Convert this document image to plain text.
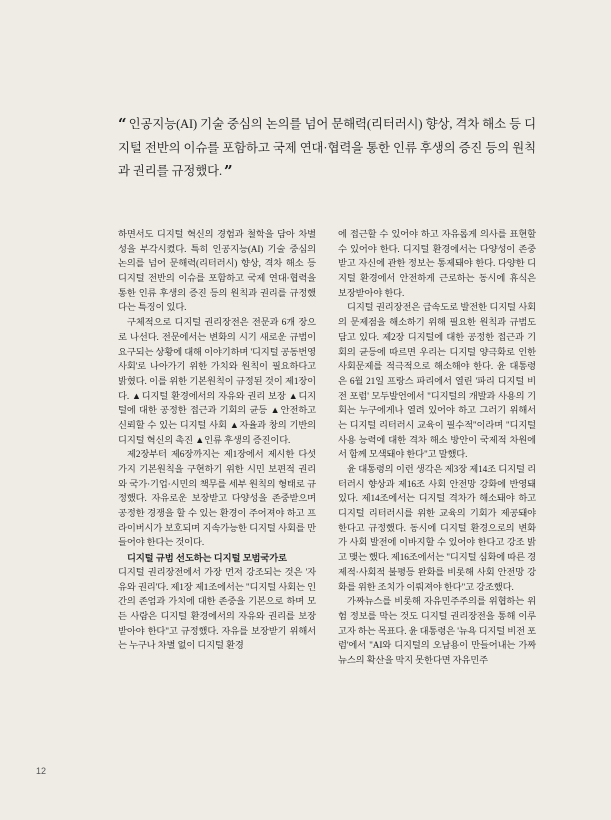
“ 인공지능(AI) 기술 중심의 논의를 넘어 문해력(리터러시) 향상, 격차 해소 등 디지털 전반의 이슈를 포함하고 국제 연대·협력을 통한 인류 후생의 증진 등의 원칙과 권리를 규정했다. ”

하면서도 디지털 혁신의 경험과 철학을 담아 차별성을 부각시켰다. 특히 인공지능(AI) 기술 중심의 논의를 넘어 문해력(리터러시) 향상, 격차 해소 등 디지털 전반의 이슈를 포함하고 국제 연대·협력을 통한 인류 후생의 증진 등의 원칙과 권리를 규정했다는 특징이 있다.

구체적으로 디지털 권리장전은 전문과 6개 장으로 나선다. 전문에서는 변화의 시기 새로운 규범이 요구되는 상황에 대해 이야기하며 '디지털 공동번영사회'로 나아가기 위한 가치와 원칙이 필요하다고 밝혔다. 이를 위한 기본원칙이 규정된 것이 제1장이다. ▲디지털 환경에서의 자유와 권리 보장 ▲디지털에 대한 공정한 접근과 기회의 균등 ▲안전하고 신뢰할 수 있는 디지털 사회 ▲자율과 창의 기반의 디지털 혁신의 촉진 ▲인류 후생의 증진이다.

제2장부터 제6장까지는 제1장에서 제시한 다섯 가지 기본원칙을 구현하기 위한 시민 보편적 권리와 국가·기업·시민의 책무를 세부 원칙의 형태로 규정했다. 자유로운 보장받고 다양성을 존중받으며 공정한 경쟁을 할 수 있는 환경이 주어져야 하고 프라이버시가 보호되며 지속가능한 디지털 사회를 만들어야 한다는 것이다.

디지털 규범 선도하는 디지털 모범국가로

디지털 권리장전에서 가장 먼저 강조되는 것은 '자유와 권리'다. 제1장 제1조에서는 "디지털 사회는 인간의 존엄과 가치에 대한 존중을 기본으로 하며 모든 사람은 디지털 환경에서의 자유와 권리를 보장받아야 한다"고 규정했다. 자유를 보장받기 위해서는 누구나 차별 없이 디지털 환경

에 접근할 수 있어야 하고 자유롭게 의사를 표현할 수 있어야 한다. 디지털 환경에서는 다양성이 존중받고 자신에 관한 정보는 통제돼야 한다. 다양한 디지털 환경에서 안전하게 근로하는 동시에 휴식은 보장받아야 한다.

디지털 권리장전은 급속도로 발전한 디지털 사회의 문제점을 해소하기 위해 필요한 원칙과 규범도 담고 있다. 제2장 디지털에 대한 공정한 접근과 기회의 균등에 따르면 우리는 디지털 양극화로 인한 사회문제를 적극적으로 해소해야 한다. 윤 대통령은 6월 21일 프랑스 파리에서 열린 '파리 디지털 비전 포럼' 모두발언에서 "디지털의 개발과 사용의 기회는 누구에게나 열려 있어야 하고 그러기 위해서는 디지털 리터러시 교육이 필수적"이라며 "디지털 사용 능력에 대한 격차 해소 방안이 국제적 차원에서 함께 모색돼야 한다"고 말했다.

윤 대통령의 이런 생각은 제3장 제14조 디지털 리터러시 향상과 제16조 사회 안전망 강화에 반영돼 있다. 제14조에서는 디지털 격차가 해소돼야 하고 디지털 리터러시를 위한 교육의 기회가 제공돼야 한다고 규정했다. 동시에 디지털 환경으로의 변화가 사회 발전에 이바지할 수 있어야 한다고 강조 밝고 맺는 했다. 제16조에서는 "디지털 심화에 따른 경제적·사회적 불평등 완화를 비롯해 사회 안전망 강화를 위한 조치가 이뤄져야 한다"고 강조했다.

가짜뉴스를 비롯해 자유민주주의를 위협하는 위험 정보를 막는 것도 디지털 권리장전을 통해 이루고자 하는 목표다. 윤 대통령은 '뉴욕 디지털 비전 포럼'에서 "AI와 디지털의 오남용이 만들어내는 가짜뉴스의 확산을 막지 못한다면 자유민주

12
